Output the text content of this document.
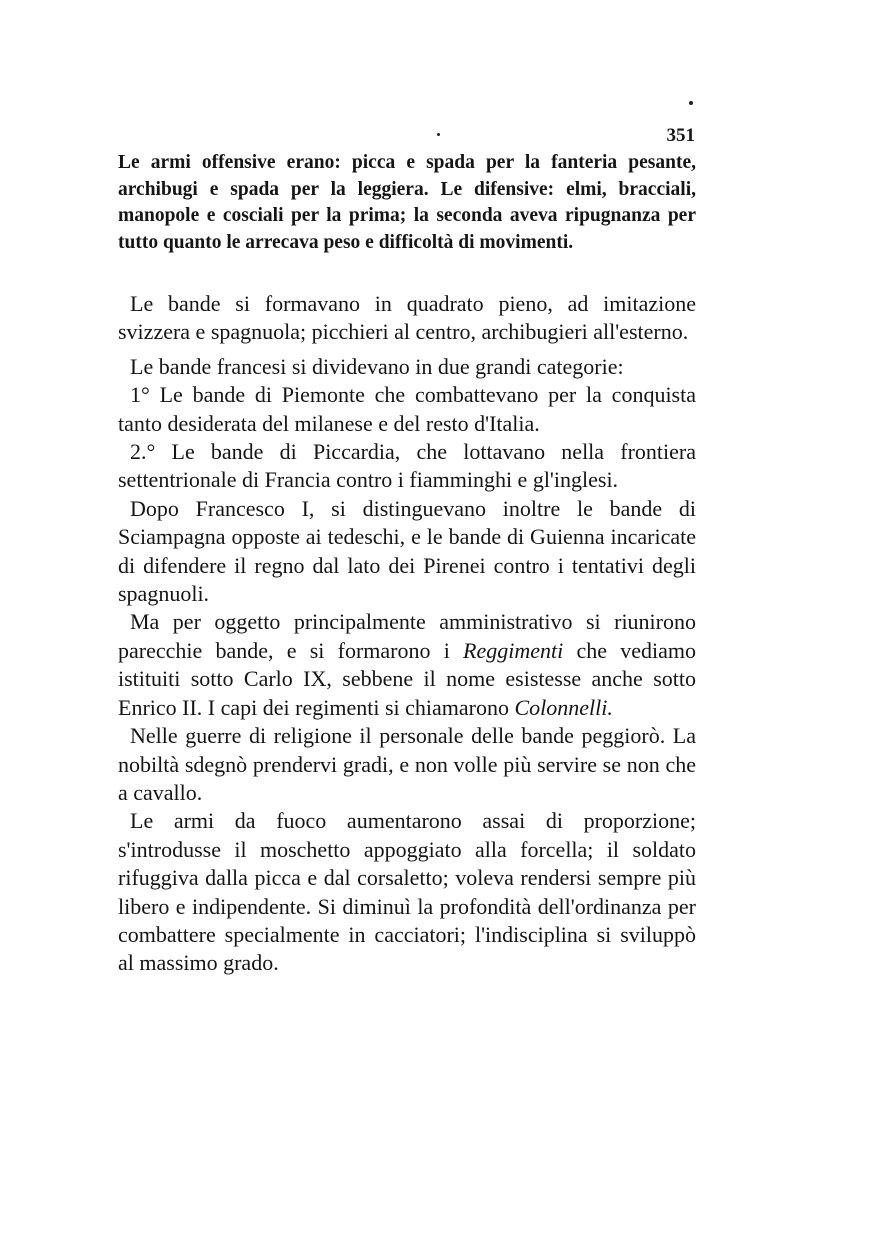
351

Le armi offensive erano: picca e spada per la fanteria pesante, archibugi e spada per la leggiera. Le difensive: elmi, bracciali, manopole e cosciali per la prima; la seconda aveva ripugnanza per tutto quanto le arrecava peso e difficoltà di movimenti.

Le bande si formavano in quadrato pieno, ad imitazione svizzera e spagnuola; picchieri al centro, archibugieri all'esterno.

Le bande francesi si dividevano in due grandi categorie:

1° Le bande di Piemonte che combattevano per la conquista tanto desiderata del milanese e del resto d'Italia.

2.° Le bande di Piccardia, che lottavano nella frontiera settentrionale di Francia contro i fiamminghi e gl'inglesi.

Dopo Francesco I, si distinguevano inoltre le bande di Sciampagna opposte ai tedeschi, e le bande di Guienna incaricate di difendere il regno dal lato dei Pirenei contro i tentativi degli spagnuoli.

Ma per oggetto principalmente amministrativo si riunirono parecchie bande, e si formarono i Reggimenti che vediamo istituiti sotto Carlo IX, sebbene il nome esistesse anche sotto Enrico II. I capi dei regimenti si chiamarono Colonnelli.

Nelle guerre di religione il personale delle bande peggiorò. La nobiltà sdegnò prendervi gradi, e non volle più servire se non che a cavallo.

Le armi da fuoco aumentarono assai di proporzione; s'introdusse il moschetto appoggiato alla forcella; il soldato rifuggiva dalla picca e dal corsaletto; voleva rendersi sempre più libero e indipendente. Si diminuì la profondità dell'ordinanza per combattere specialmente in cacciatori; l'indisciplina si sviluppò al massimo grado.
